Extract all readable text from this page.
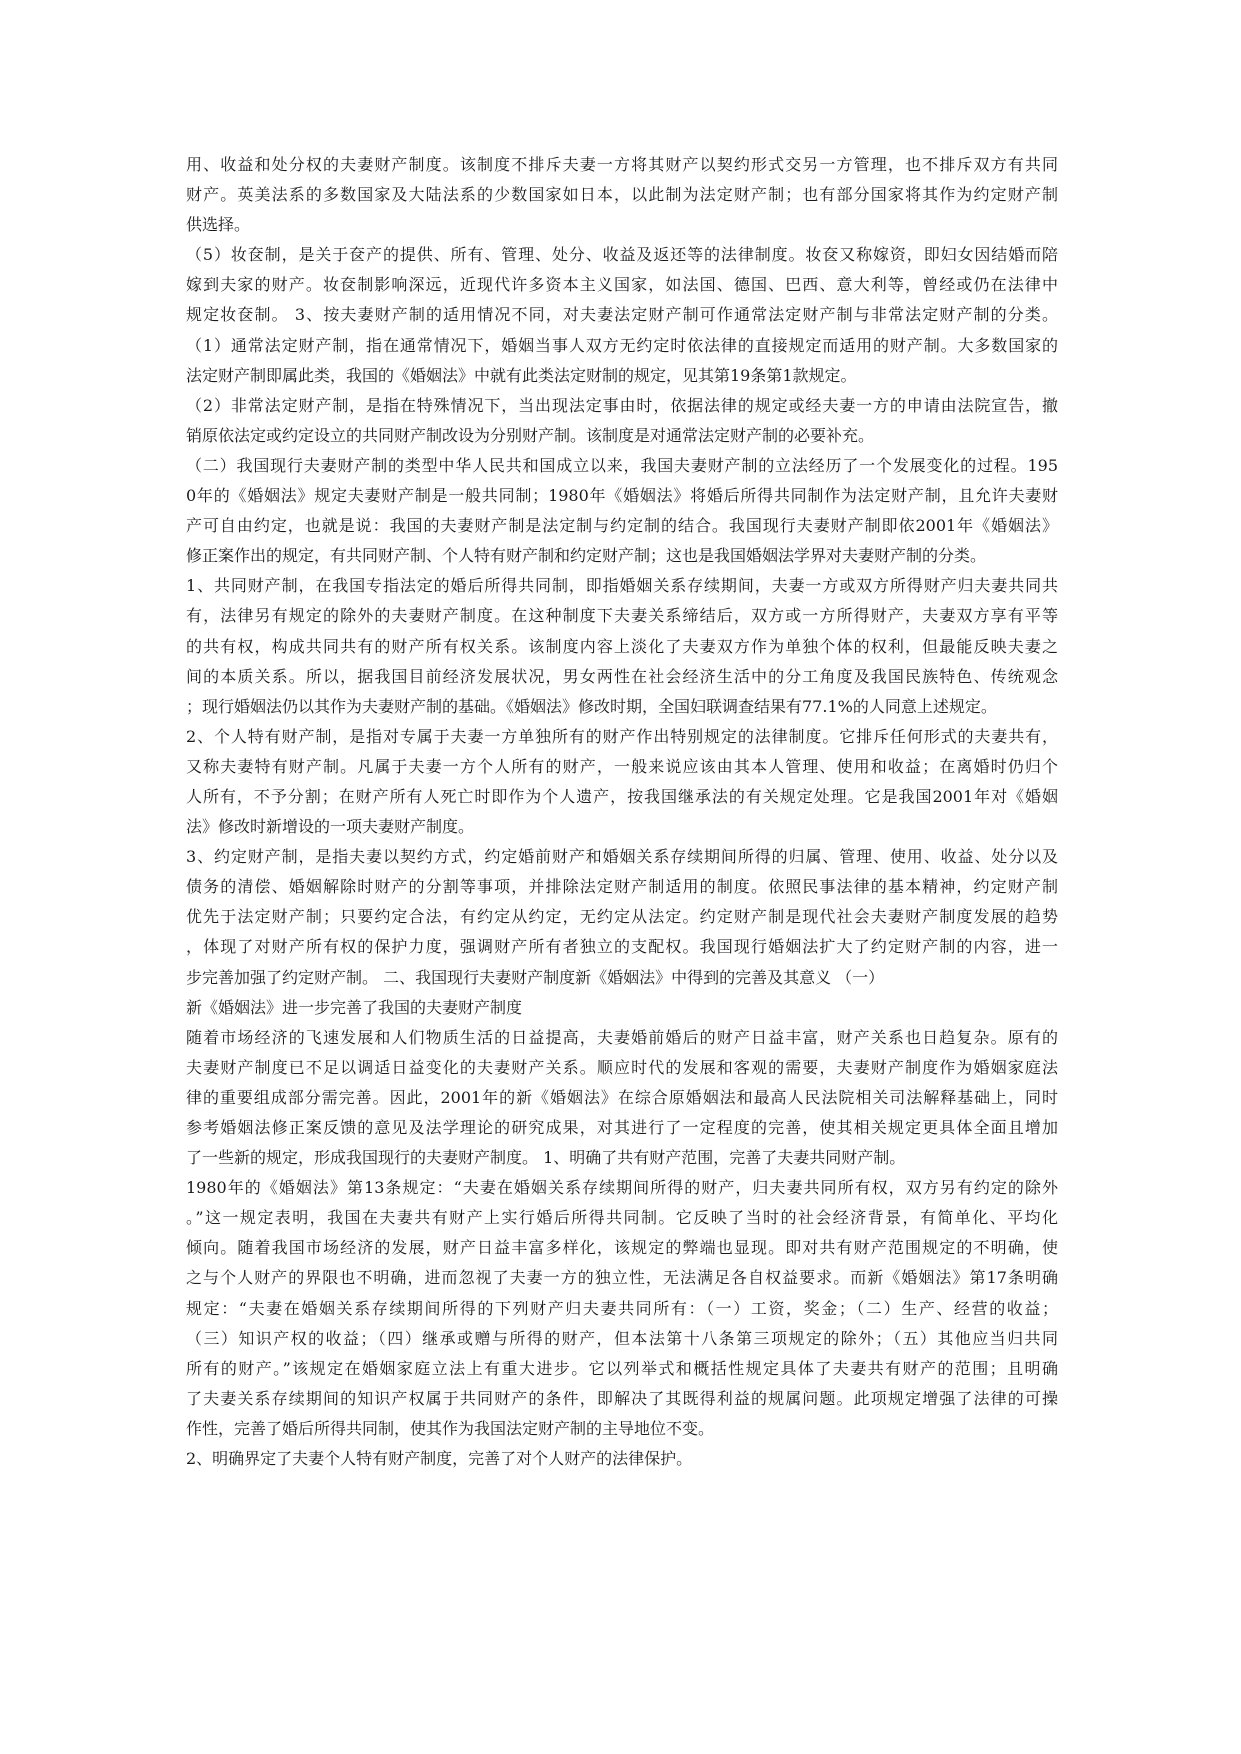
用、收益和处分权的夫妻财产制度。该制度不排斥夫妻一方将其财产以契约形式交另一方管理，也不排斥双方有共同
财产。英美法系的多数国家及大陆法系的少数国家如日本，以此制为法定财产制；也有部分国家将其作为约定财产制
供选择。
（5）妆奁制，是关于奁产的提供、所有、管理、处分、收益及返还等的法律制度。妆奁又称嫁资，即妇女因结婚而陪
嫁到夫家的财产。妆奁制影响深远，近现代许多资本主义国家，如法国、德国、巴西、意大利等，曾经或仍在法律中
规定妆奁制。 3、按夫妻财产制的适用情况不同，对夫妻法定财产制可作通常法定财产制与非常法定财产制的分类。
（1）通常法定财产制，指在通常情况下，婚姻当事人双方无约定时依法律的直接规定而适用的财产制。大多数国家的
法定财产制即属此类，我国的《婚姻法》中就有此类法定财制的规定，见其第19条第1款规定。
（2）非常法定财产制，是指在特殊情况下，当出现法定事由时，依据法律的规定或经夫妻一方的申请由法院宣告，撤
销原依法定或约定设立的共同财产制改设为分别财产制。该制度是对通常法定财产制的必要补充。
（二）我国现行夫妻财产制的类型中华人民共和国成立以来，我国夫妻财产制的立法经历了一个发展变化的过程。195
0年的《婚姻法》规定夫妻财产制是一般共同制；1980年《婚姻法》将婚后所得共同制作为法定财产制，且允许夫妻财
产可自由约定，也就是说：我国的夫妻财产制是法定制与约定制的结合。我国现行夫妻财产制即依2001年《婚姻法》
修正案作出的规定，有共同财产制、个人特有财产制和约定财产制；这也是我国婚姻法学界对夫妻财产制的分类。
1、共同财产制，在我国专指法定的婚后所得共同制，即指婚姻关系存续期间，夫妻一方或双方所得财产归夫妻共同共
有，法律另有规定的除外的夫妻财产制度。在这种制度下夫妻关系缔结后，双方或一方所得财产，夫妻双方享有平等
的共有权，构成共同共有的财产所有权关系。该制度内容上淡化了夫妻双方作为单独个体的权利，但最能反映夫妻之
间的本质关系。所以，据我国目前经济发展状况，男女两性在社会经济生活中的分工角度及我国民族特色、传统观念
；现行婚姻法仍以其作为夫妻财产制的基础。《婚姻法》修改时期，全国妇联调查结果有77.1%的人同意上述规定。
2、个人特有财产制，是指对专属于夫妻一方单独所有的财产作出特别规定的法律制度。它排斥任何形式的夫妻共有，
又称夫妻特有财产制。凡属于夫妻一方个人所有的财产，一般来说应该由其本人管理、使用和收益；在离婚时仍归个
人所有，不予分割；在财产所有人死亡时即作为个人遗产，按我国继承法的有关规定处理。它是我国2001年对《婚姻
法》修改时新增设的一项夫妻财产制度。
3、约定财产制，是指夫妻以契约方式，约定婚前财产和婚姻关系存续期间所得的归属、管理、使用、收益、处分以及
债务的清偿、婚姻解除时财产的分割等事项，并排除法定财产制适用的制度。依照民事法律的基本精神，约定财产制
优先于法定财产制；只要约定合法，有约定从约定，无约定从法定。约定财产制是现代社会夫妻财产制度发展的趋势
，体现了对财产所有权的保护力度，强调财产所有者独立的支配权。我国现行婚姻法扩大了约定财产制的内容，进一
步完善加强了约定财产制。 二、我国现行夫妻财产制度新《婚姻法》中得到的完善及其意义 （一）
新《婚姻法》进一步完善了我国的夫妻财产制度
随着市场经济的飞速发展和人们物质生活的日益提高，夫妻婚前婚后的财产日益丰富，财产关系也日趋复杂。原有的
夫妻财产制度已不足以调适日益变化的夫妻财产关系。顺应时代的发展和客观的需要，夫妻财产制度作为婚姻家庭法
律的重要组成部分需完善。因此，2001年的新《婚姻法》在综合原婚姻法和最高人民法院相关司法解释基础上，同时
参考婚姻法修正案反馈的意见及法学理论的研究成果，对其进行了一定程度的完善，使其相关规定更具体全面且增加
了一些新的规定，形成我国现行的夫妻财产制度。 1、明确了共有财产范围，完善了夫妻共同财产制。
1980年的《婚姻法》第13条规定：“夫妻在婚姻关系存续期间所得的财产，归夫妻共同所有权，双方另有约定的除外
。”这一规定表明，我国在夫妻共有财产上实行婚后所得共同制。它反映了当时的社会经济背景，有简单化、平均化
倾向。随着我国市场经济的发展，财产日益丰富多样化，该规定的弊端也显现。即对共有财产范围规定的不明确，使
之与个人财产的界限也不明确，进而忽视了夫妻一方的独立性，无法满足各自权益要求。而新《婚姻法》第17条明确
规定：“夫妻在婚姻关系存续期间所得的下列财产归夫妻共同所有：（一）工资，奖金；（二）生产、经营的收益；
（三）知识产权的收益；（四）继承或赠与所得的财产，但本法第十八条第三项规定的除外；（五）其他应当归共同
所有的财产。”该规定在婚姻家庭立法上有重大进步。它以列举式和概括性规定具体了夫妻共有财产的范围；且明确
了夫妻关系存续期间的知识产权属于共同财产的条件，即解决了其既得利益的规属问题。此项规定增强了法律的可操
作性，完善了婚后所得共同制，使其作为我国法定财产制的主导地位不变。
2、明确界定了夫妻个人特有财产制度，完善了对个人财产的法律保护。
